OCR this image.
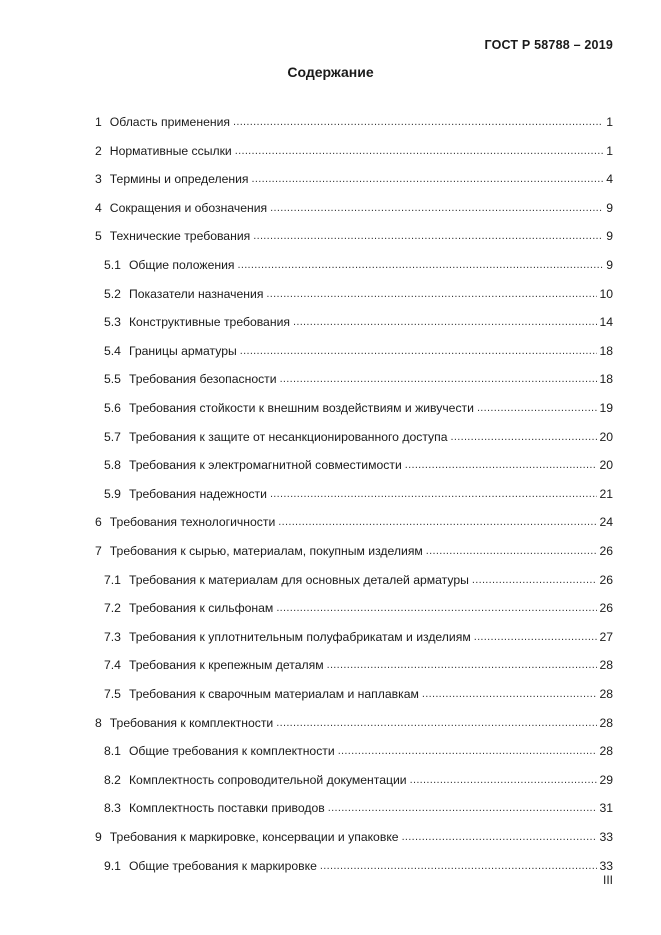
ГОСТ Р 58788 – 2019
Содержание
1 Область применения .....	1
2 Нормативные ссылки .....	1
3 Термины и определения .....	4
4 Сокращения и обозначения .....	9
5 Технические требования .....	9
5.1 Общие положения .....	9
5.2 Показатели назначения .....	10
5.3 Конструктивные требования .....	14
5.4 Границы арматуры .....	18
5.5 Требования безопасности .....	18
5.6 Требования стойкости к внешним воздействиям и живучести .....	19
5.7 Требования к защите от несанкционированного доступа .....	20
5.8 Требования к электромагнитной совместимости .....	20
5.9 Требования надежности .....	21
6 Требования технологичности .....	24
7 Требования к сырью, материалам, покупным изделиям .....	26
7.1 Требования к материалам для основных деталей арматуры .....	26
7.2 Требования к сильфонам .....	26
7.3 Требования к уплотнительным полуфабрикатам и изделиям .....	27
7.4 Требования к крепежным деталям .....	28
7.5 Требования к сварочным материалам и наплавкам .....	28
8 Требования к комплектности .....	28
8.1 Общие требования к комплектности .....	28
8.2 Комплектность сопроводительной документации .....	29
8.3 Комплектность поставки приводов .....	31
9 Требования к маркировке, консервации и упаковке .....	33
9.1 Общие требования к маркировке .....	33
III
